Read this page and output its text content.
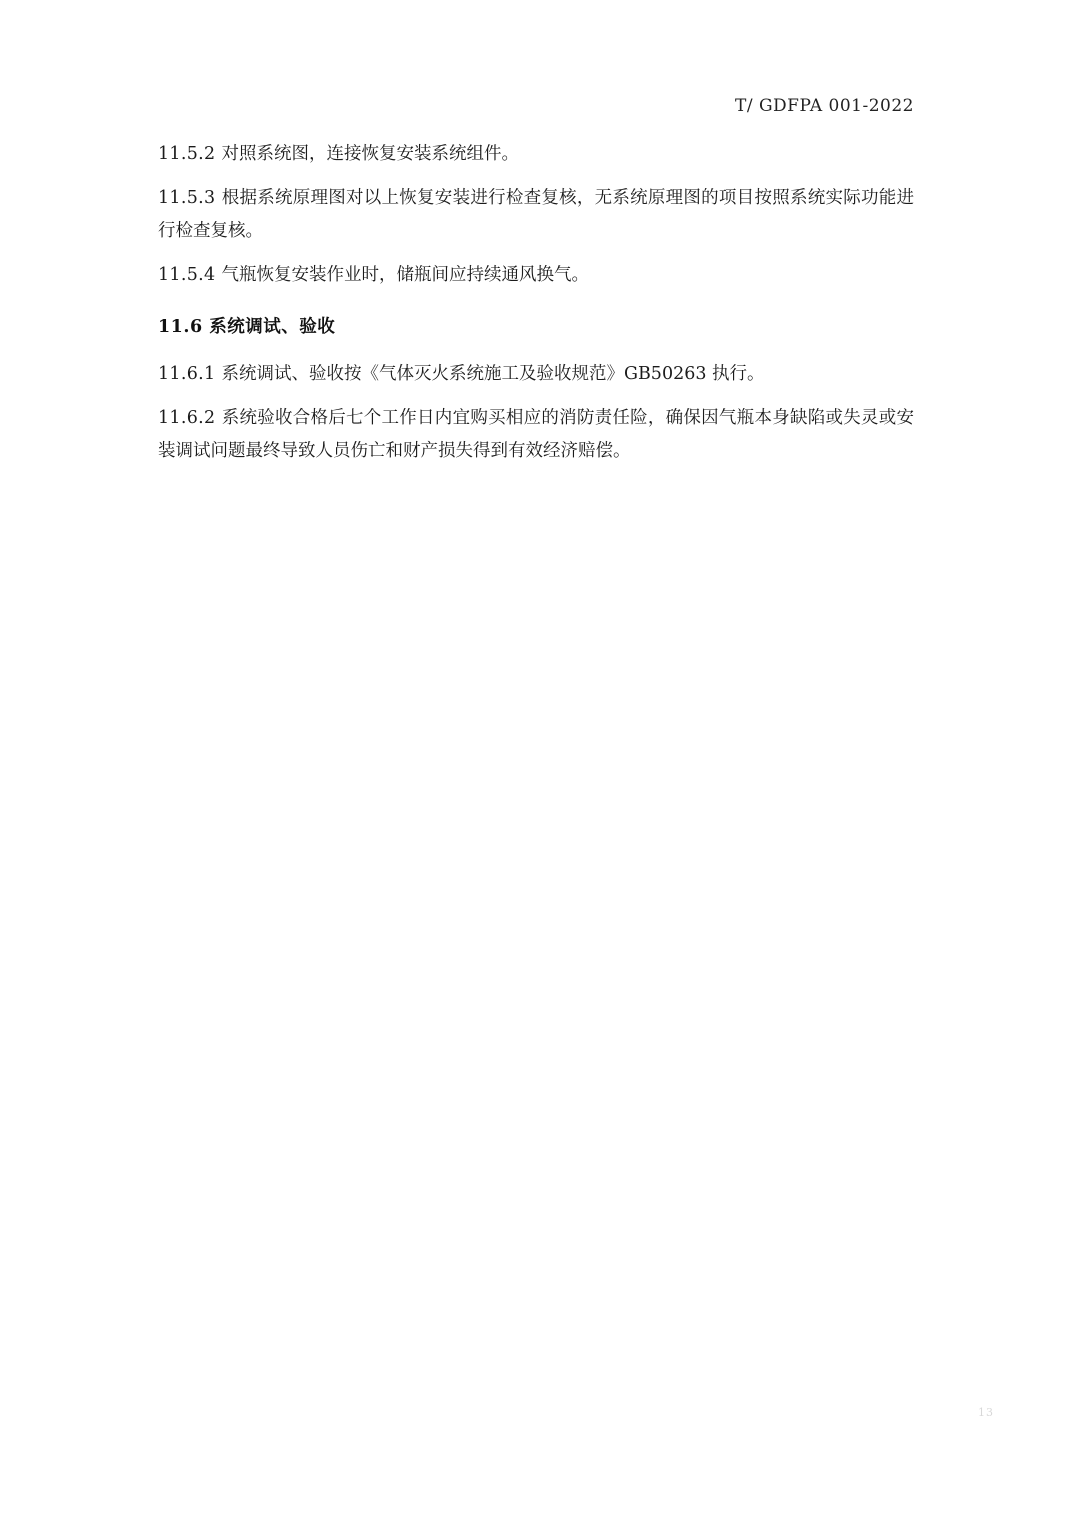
T/ GDFPA 001-2022

11.5.2 对照系统图，连接恢复安装系统组件。

11.5.3 根据系统原理图对以上恢复安装进行检查复核，无系统原理图的项目按照系统实际功能进行检查复核。

11.5.4 气瓶恢复安装作业时，储瓶间应持续通风换气。

11.6 系统调试、验收

11.6.1 系统调试、验收按《气体灭火系统施工及验收规范》GB50263 执行。

11.6.2 系统验收合格后七个工作日内宜购买相应的消防责任险，确保因气瓶本身缺陷或失灵或安装调试问题最终导致人员伤亡和财产损失得到有效经济赔偿。

13
